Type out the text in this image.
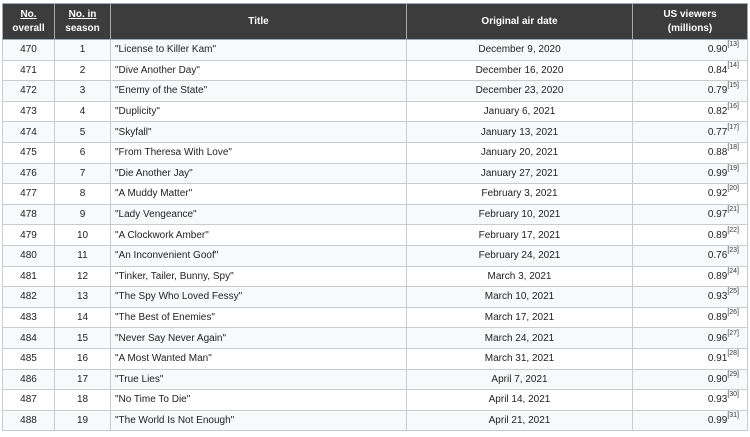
No.
overall	No. in
season	Title	Original air date	US viewers
(millions)
470	1	"License to Killer Kam"	December 9, 2020	0.90[13]
471	2	"Dive Another Day"	December 16, 2020	0.84[14]
472	3	"Enemy of the State"	December 23, 2020	0.79[15]
473	4	"Duplicity"	January 6, 2021	0.82[16]
474	5	"Skyfall"	January 13, 2021	0.77[17]
475	6	"From Theresa With Love"	January 20, 2021	0.88[18]
476	7	"Die Another Jay"	January 27, 2021	0.99[19]
477	8	"A Muddy Matter"	February 3, 2021	0.92[20]
478	9	"Lady Vengeance"	February 10, 2021	0.97[21]
479	10	"A Clockwork Amber"	February 17, 2021	0.89[22]
480	11	"An Inconvenient Goof"	February 24, 2021	0.76[23]
481	12	"Tinker, Tailer, Bunny, Spy"	March 3, 2021	0.89[24]
482	13	"The Spy Who Loved Fessy"	March 10, 2021	0.93[25]
483	14	"The Best of Enemies"	March 17, 2021	0.89[26]
484	15	"Never Say Never Again"	March 24, 2021	0.96[27]
485	16	"A Most Wanted Man"	March 31, 2021	0.91[28]
486	17	"True Lies"	April 7, 2021	0.90[29]
487	18	"No Time To Die"	April 14, 2021	0.93[30]
488	19	"The World Is Not Enough"	April 21, 2021	0.99[31]
